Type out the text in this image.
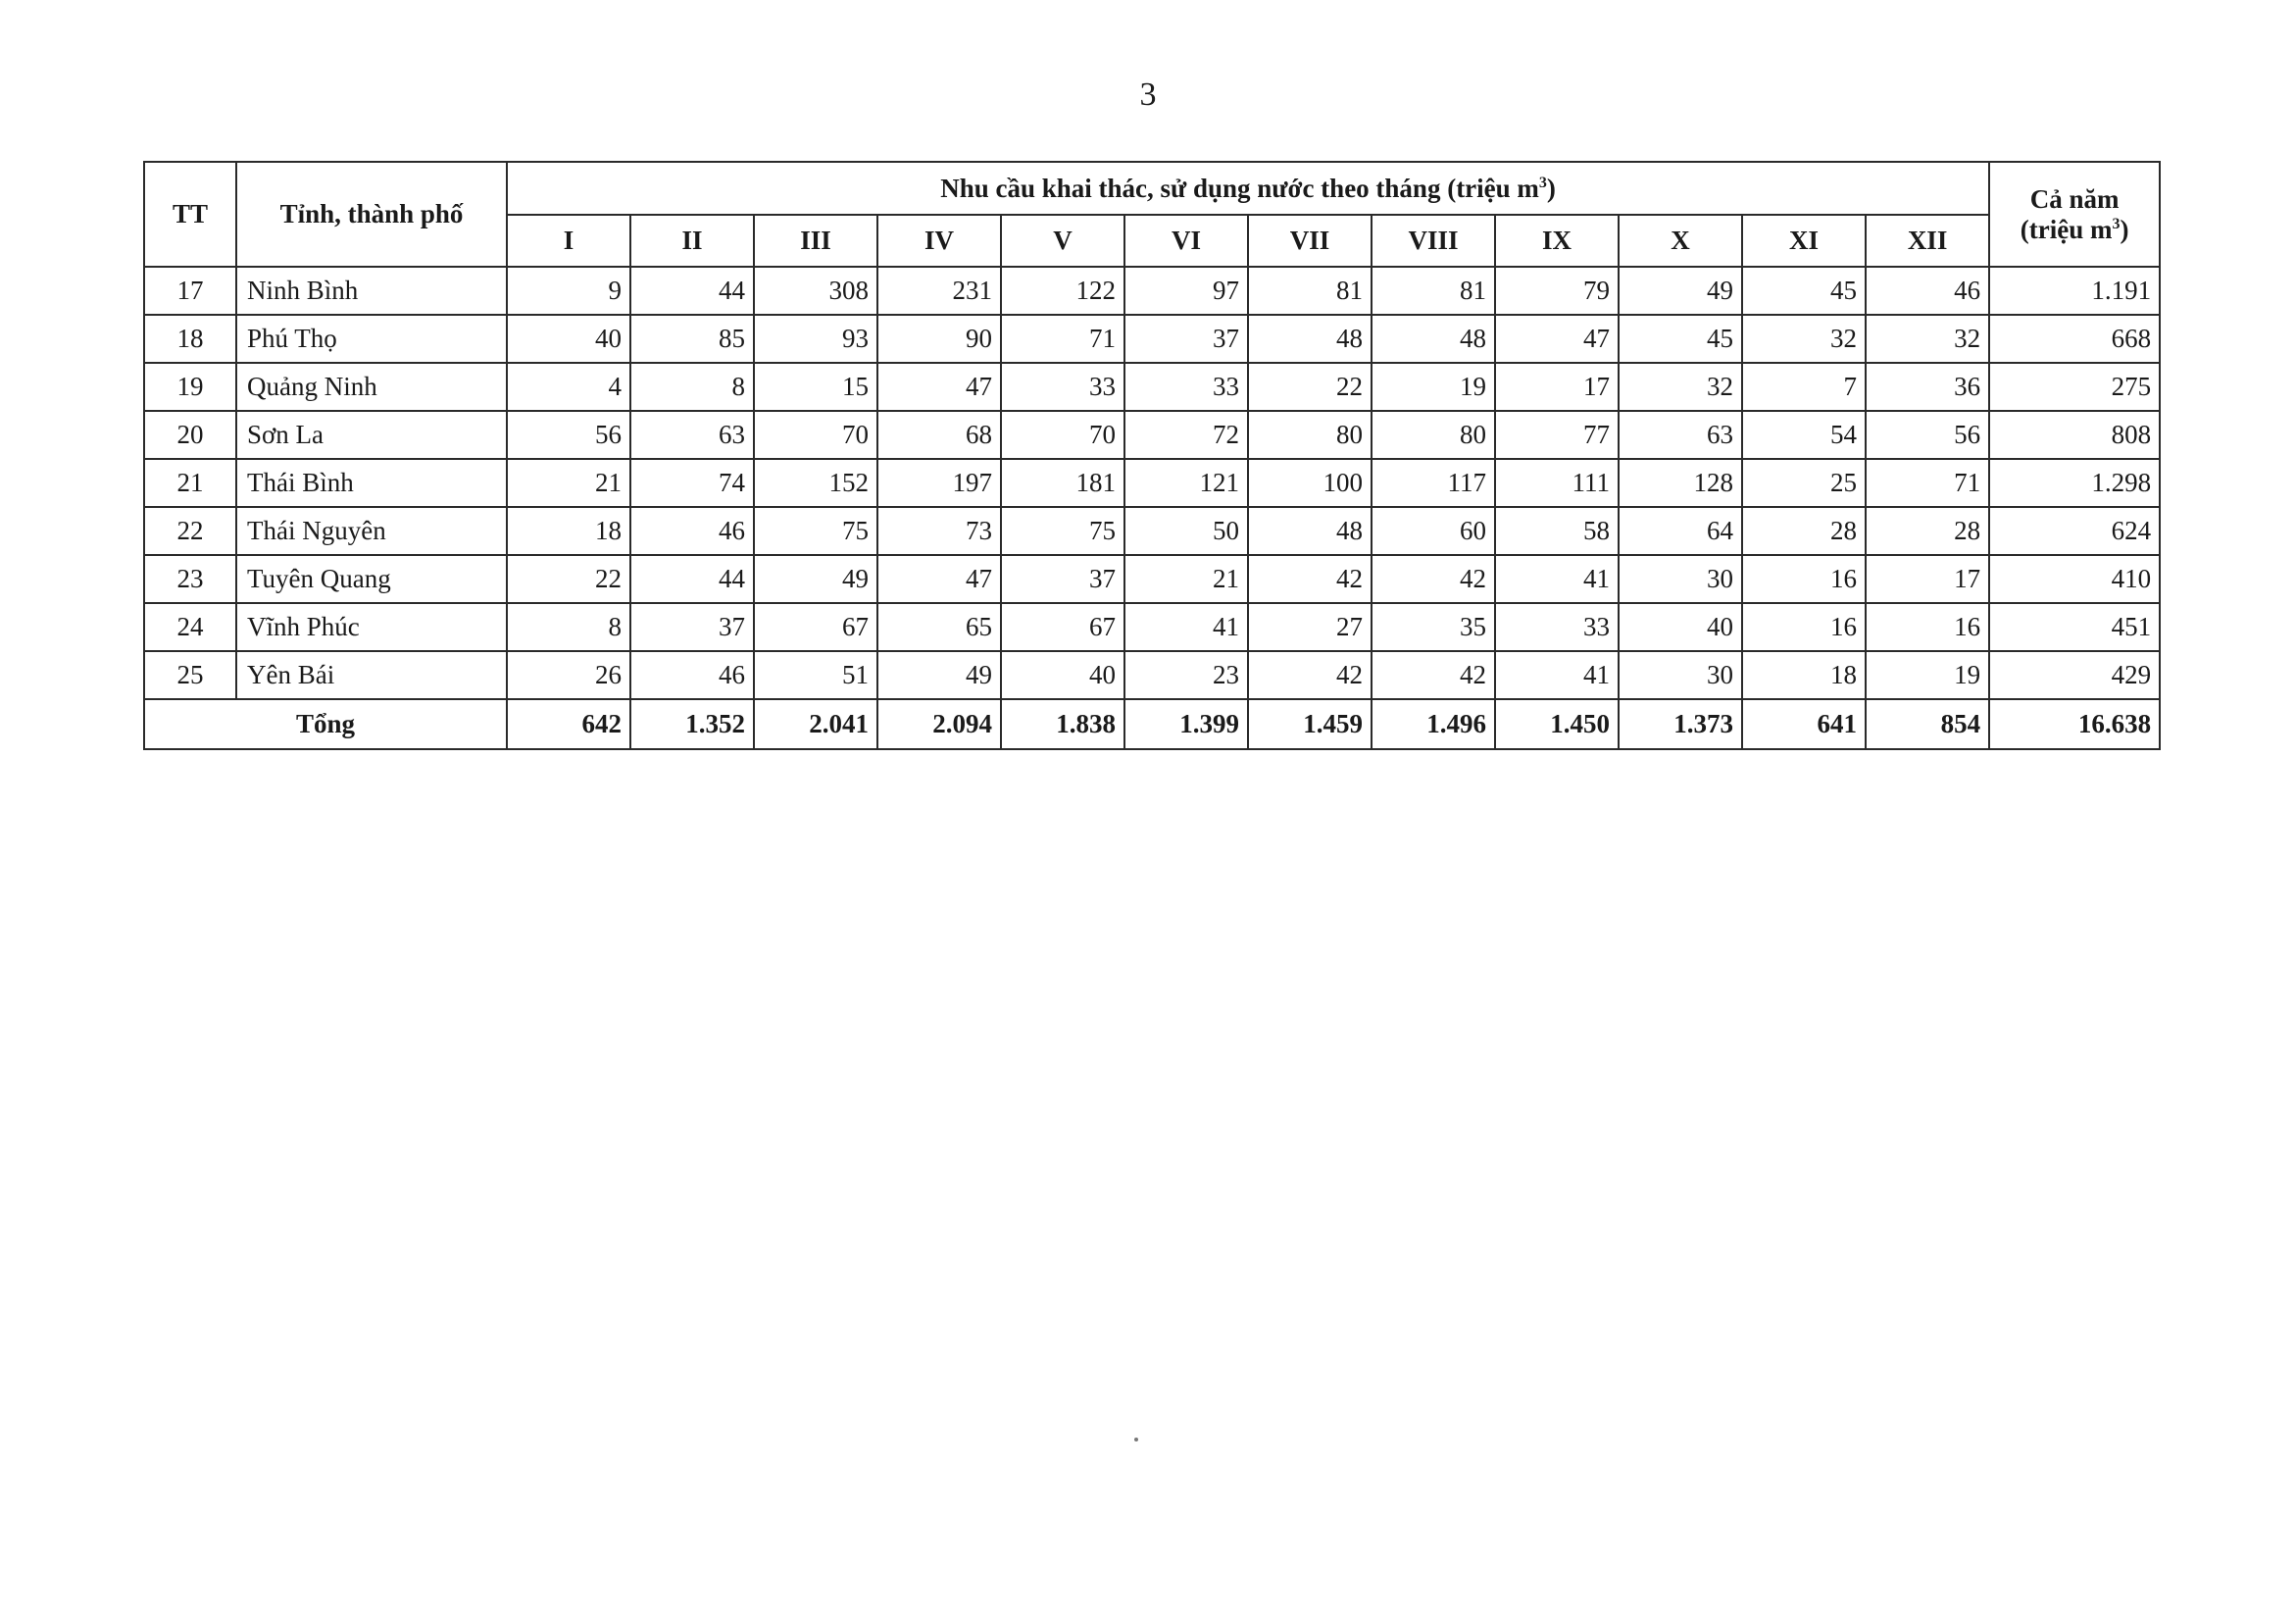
3
TT	Tỉnh, thành phố	Nhu cầu khai thác, sử dụng nước theo tháng (triệu $m^3$)												Cả năm
(triệu $m^3$)
		I	II	III	IV	V	VI	VII	VIII	IX	X	XI	XII	
17	Ninh Bình	9	44	308	231	122	97	81	81	79	49	45	46	1.191
18	Phú Thọ	40	85	93	90	71	37	48	48	47	45	32	32	668
19	Quảng Ninh	4	8	15	47	33	33	22	19	17	32	7	36	275
20	Sơn La	56	63	70	68	70	72	80	80	77	63	54	56	808
21	Thái Bình	21	74	152	197	181	121	100	117	111	128	25	71	1.298
22	Thái Nguyên	18	46	75	73	75	50	48	60	58	64	28	28	624
23	Tuyên Quang	22	44	49	47	37	21	42	42	41	30	16	17	410
24	Vĩnh Phúc	8	37	67	65	67	41	27	35	33	40	16	16	451
25	Yên Bái	26	46	51	49	40	23	42	42	41	30	18	19	429
Tổng		642	1.352	2.041	2.094	1.838	1.399	1.459	1.496	1.450	1.373	641	854	16.638
